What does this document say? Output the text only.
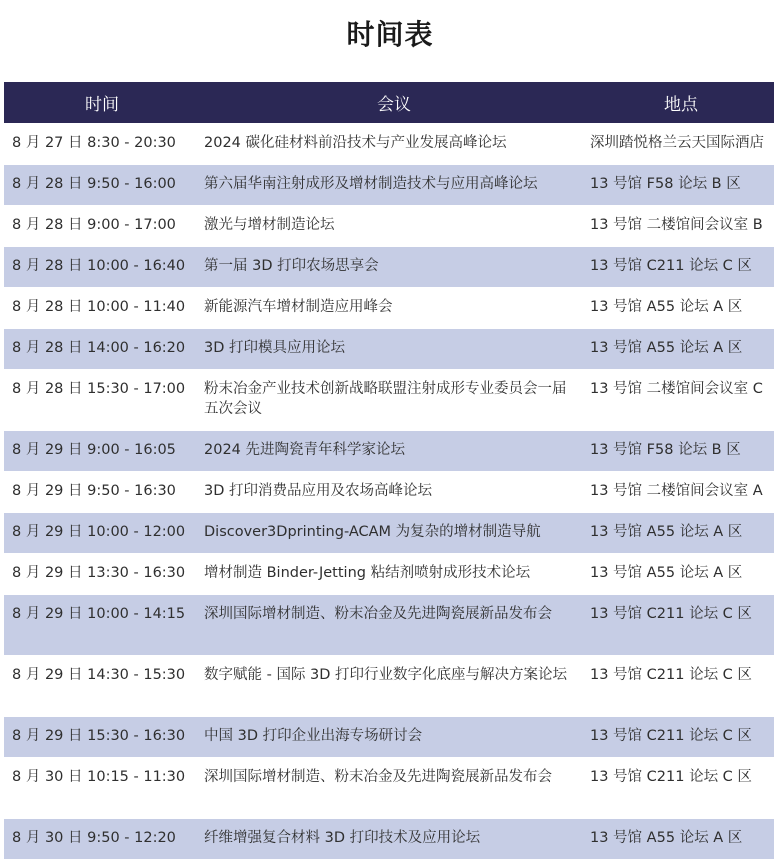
时间表
时间	会议	地点
8 月 27 日 8:30 - 20:30	2024 碳化硅材料前沿技术与产业发展高峰论坛	深圳踏悦格兰云天国际酒店
8 月 28 日 9:50 - 16:00	第六届华南注射成形及增材制造技术与应用高峰论坛	13 号馆 F58 论坛 B 区
8 月 28 日 9:00 - 17:00	激光与增材制造论坛	13 号馆 二楼馆间会议室 B
8 月 28 日 10:00 - 16:40	第一届 3D 打印农场思享会	13 号馆 C211 论坛 C 区
8 月 28 日 10:00 - 11:40	新能源汽车增材制造应用峰会	13 号馆 A55 论坛 A 区
8 月 28 日 14:00 - 16:20	3D 打印模具应用论坛	13 号馆 A55 论坛 A 区
8 月 28 日 15:30 - 17:00	粉末冶金产业技术创新战略联盟注射成形专业委员会一届五次会议	13 号馆 二楼馆间会议室 C
8 月 29 日 9:00 - 16:05	2024 先进陶瓷青年科学家论坛	13 号馆 F58 论坛 B 区
8 月 29 日 9:50 - 16:30	3D 打印消费品应用及农场高峰论坛	13 号馆 二楼馆间会议室 A
8 月 29 日 10:00 - 12:00	Discover3Dprinting-ACAM 为复杂的增材制造导航	13 号馆 A55 论坛 A 区
8 月 29 日 13:30 - 16:30	增材制造 Binder-Jetting 粘结剂喷射成形技术论坛	13 号馆 A55 论坛 A 区
8 月 29 日 10:00 - 14:15	深圳国际增材制造、粉末冶金及先进陶瓷展新品发布会	13 号馆 C211 论坛 C 区
8 月 29 日 14:30 - 15:30	数字赋能 - 国际 3D 打印行业数字化底座与解决方案论坛	13 号馆 C211 论坛 C 区
8 月 29 日 15:30 - 16:30	中国 3D 打印企业出海专场研讨会	13 号馆 C211 论坛 C 区
8 月 30 日 10:15 - 11:30	深圳国际增材制造、粉末冶金及先进陶瓷展新品发布会	13 号馆 C211 论坛 C 区
8 月 30 日 9:50 - 12:20	纤维增强复合材料 3D 打印技术及应用论坛	13 号馆 A55 论坛 A 区
